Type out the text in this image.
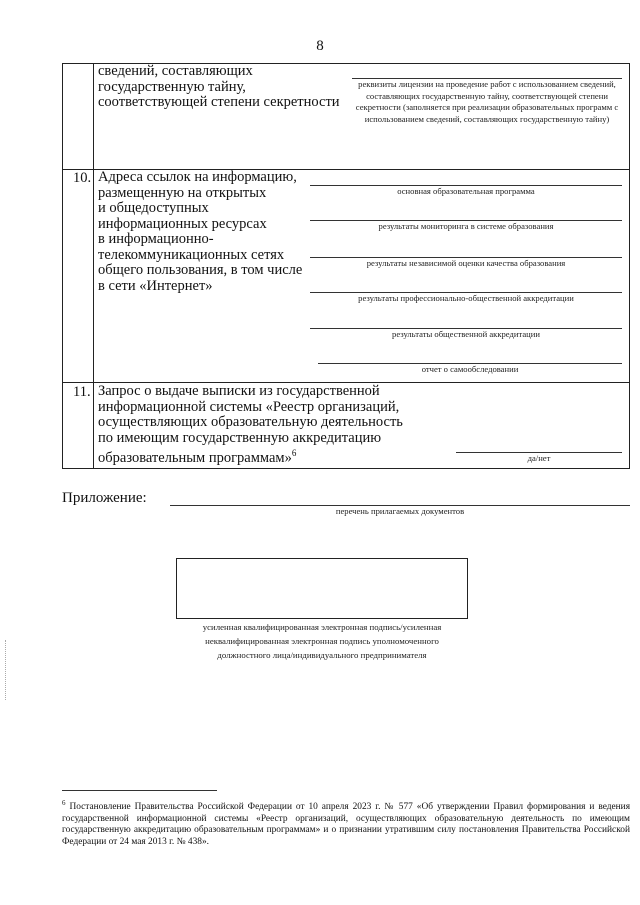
8
сведений, составляющих
государственную тайну,
соответствующей степени секретности
реквизиты лицензии на проведение работ с использованием сведений, составляющих государственную тайну, соответствующей степени секретности (заполняется при реализации образовательных программ с использованием сведений, составляющих государственную тайну)
10. Адреса ссылок на информацию,
размещенную на открытых
и общедоступных
информационных ресурсах
в информационно-
телекоммуникационных сетях
общего пользования, в том числе
в сети «Интернет»
основная образовательная программа
результаты мониторинга в системе образования
результаты независимой оценки качества образования
результаты профессионально-общественной аккредитации
результаты общественной аккредитации
отчет о самообследовании
11. Запрос о выдаче выписки из государственной
информационной системы «Реестр организаций,
осуществляющих образовательную деятельность
по имеющим государственную аккредитацию
образовательным программам»$^6$	да/нет
Приложение:
перечень прилагаемых документов
усиленная квалифицированная электронная подпись/усиленная
неквалифицированная электронная подпись уполномоченного
должностного лица/индивидуального предпринимателя
$^6$ Постановление Правительства Российской Федерации от 10 апреля 2023 г. № 577 «Об утверждении Правил формирования и ведения государственной информационной системы «Реестр организаций, осуществляющих образовательную деятельность по имеющим государственную аккредитацию образовательным программам» и о признании утратившим силу постановления Правительства Российской Федерации от 24 мая 2013 г. № 438».
